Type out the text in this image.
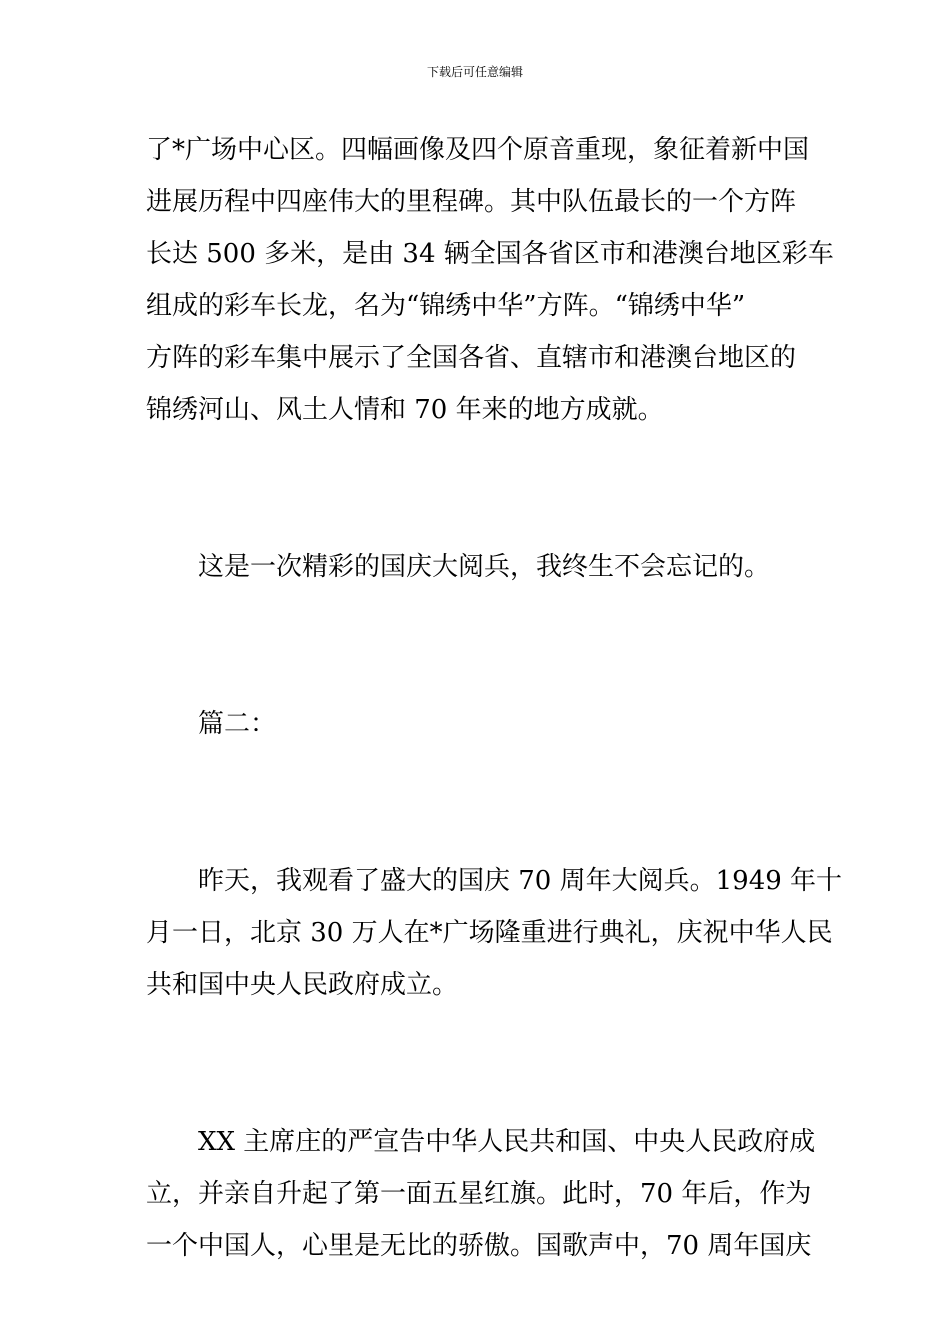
下载后可任意编辑
了*广场中心区。四幅画像及四个原音重现，象征着新中国
进展历程中四座伟大的里程碑。其中队伍最长的一个方阵
长达 500 多米，是由 34 辆全国各省区市和港澳台地区彩车
组成的彩车长龙，名为“锦绣中华”方阵。“锦绣中华”
方阵的彩车集中展示了全国各省、直辖市和港澳台地区的
锦绣河山、风土人情和 70 年来的地方成就。
这是一次精彩的国庆大阅兵，我终生不会忘记的。
篇二：
昨天，我观看了盛大的国庆 70 周年大阅兵。1949 年十
月一日，北京 30 万人在*广场隆重进行典礼，庆祝中华人民
共和国中央人民政府成立。
XX 主席庄的严宣告中华人民共和国、中央人民政府成
立，并亲自升起了第一面五星红旗。此时，70 年后，作为
一个中国人，心里是无比的骄傲。国歌声中，70 周年国庆
